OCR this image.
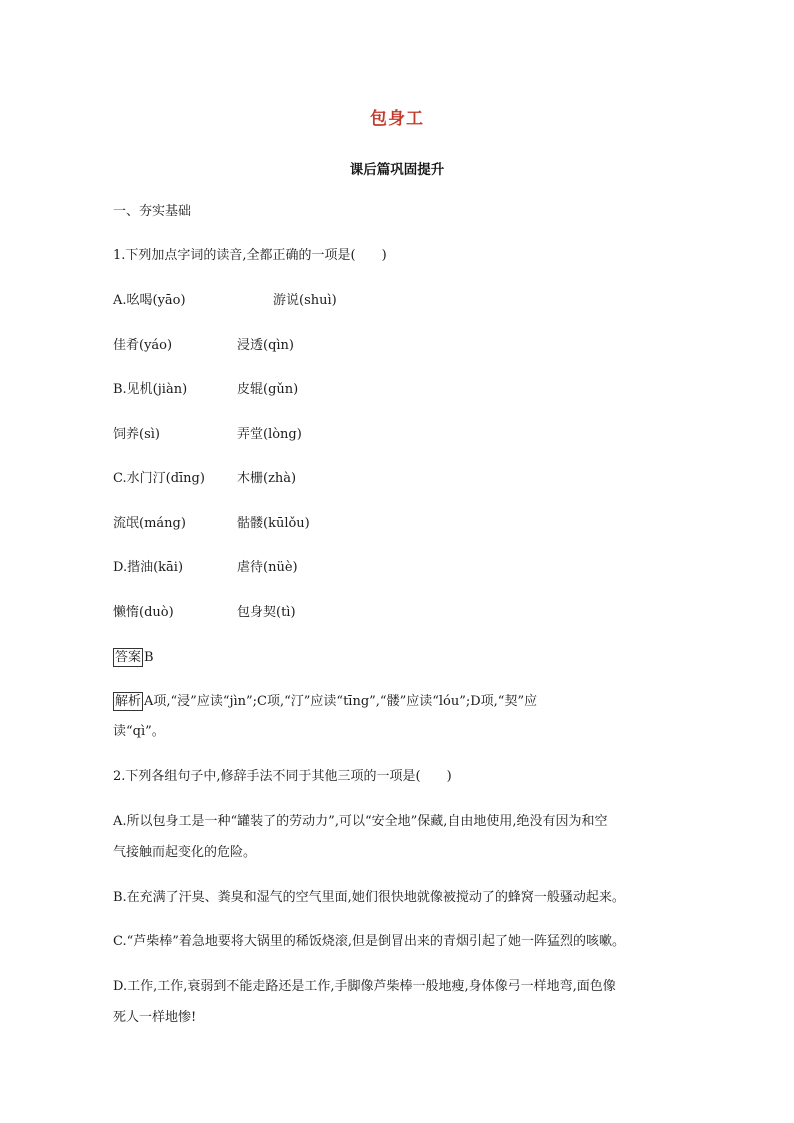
包身工
课后篇巩固提升
一、夯实基础
1.下列加点字词的读音,全都正确的一项是(　　)
A.吆喝(yāo)	游说(shuì)
佳肴(yáo)	浸透(qìn)
B.见机(jiàn)	皮辊(gǔn)
饲养(sì)	弄堂(lòng)
C.水门汀(dīng) 木栅(zhà)
流氓(máng)	骷髅(kūlǒu)
D.揩油(kāi)	虐待(nüè)
懒惰(duò)	包身契(tì)
答案 B
解析 A项,“浸”应读“jìn”;C项,“汀”应读“tīng”,“髅”应读“lóu”;D项,“契”应
读“qì”。
2.下列各组句子中,修辞手法不同于其他三项的一项是(　　)
A.所以包身工是一种“罐装了的劳动力”,可以“安全地”保藏,自由地使用,绝没有因为和空
气接触而起变化的危险。
B.在充满了汗臭、粪臭和湿气的空气里面,她们很快地就像被搅动了的蜂窝一般骚动起来。
C.“芦柴棒”着急地要将大锅里的稀饭烧滚,但是倒冒出来的青烟引起了她一阵猛烈的咳嗽。
D.工作,工作,衰弱到不能走路还是工作,手脚像芦柴棒一般地瘦,身体像弓一样地弯,面色像
死人一样地惨!
